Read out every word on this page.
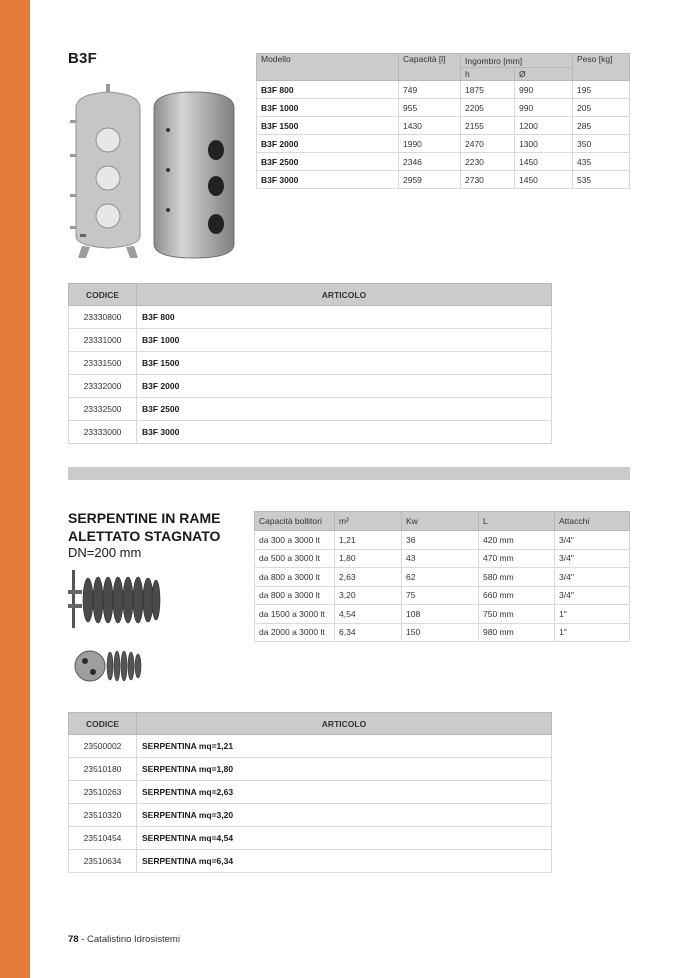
B3F	Modello	Capacità [l]	Ingombro [mm]		Peso [kg]
		h	Ø	
B3F 800	749	1875	990	195
B3F 1000	955	2205	990	205
B3F 1500	1430	2155	1200	285
B3F 2000	1990	2470	1300	350
B3F 2500	2346	2230	1450	435
B3F 3000	2959	2730	1450	535
CODICE	ARTICOLO
23330800	B3F 800
23331000	B3F 1000
23331500	B3F 1500
23332000	B3F 2000
23332500	B3F 2500
23333000	B3F 3000
SERPENTINE IN RAME
ALETTATO STAGNATO
DN=200 mm
Capacità bollitori	m²	Kw	L	Attacchi
da 300 a 3000 lt	1,21	36	420 mm	3/4"
da 500 a 3000 lt	1,80	43	470 mm	3/4"
da 800 a 3000 lt	2,63	62	580 mm	3/4"
da 800 a 3000 lt	3,20	75	660 mm	3/4"
da 1500 a 3000 lt	4,54	108	750 mm	1"
da 2000 a 3000 lt	6,34	150	980 mm	1"
CODICE	ARTICOLO
23500002	SERPENTINA mq=1,21
23510180	SERPENTINA mq=1,80
23510263	SERPENTINA mq=2,63
23510320	SERPENTINA mq=3,20
23510454	SERPENTINA mq=4,54
23510634	SERPENTINA mq=6,34
78 - Catalistino Idrosistemi
